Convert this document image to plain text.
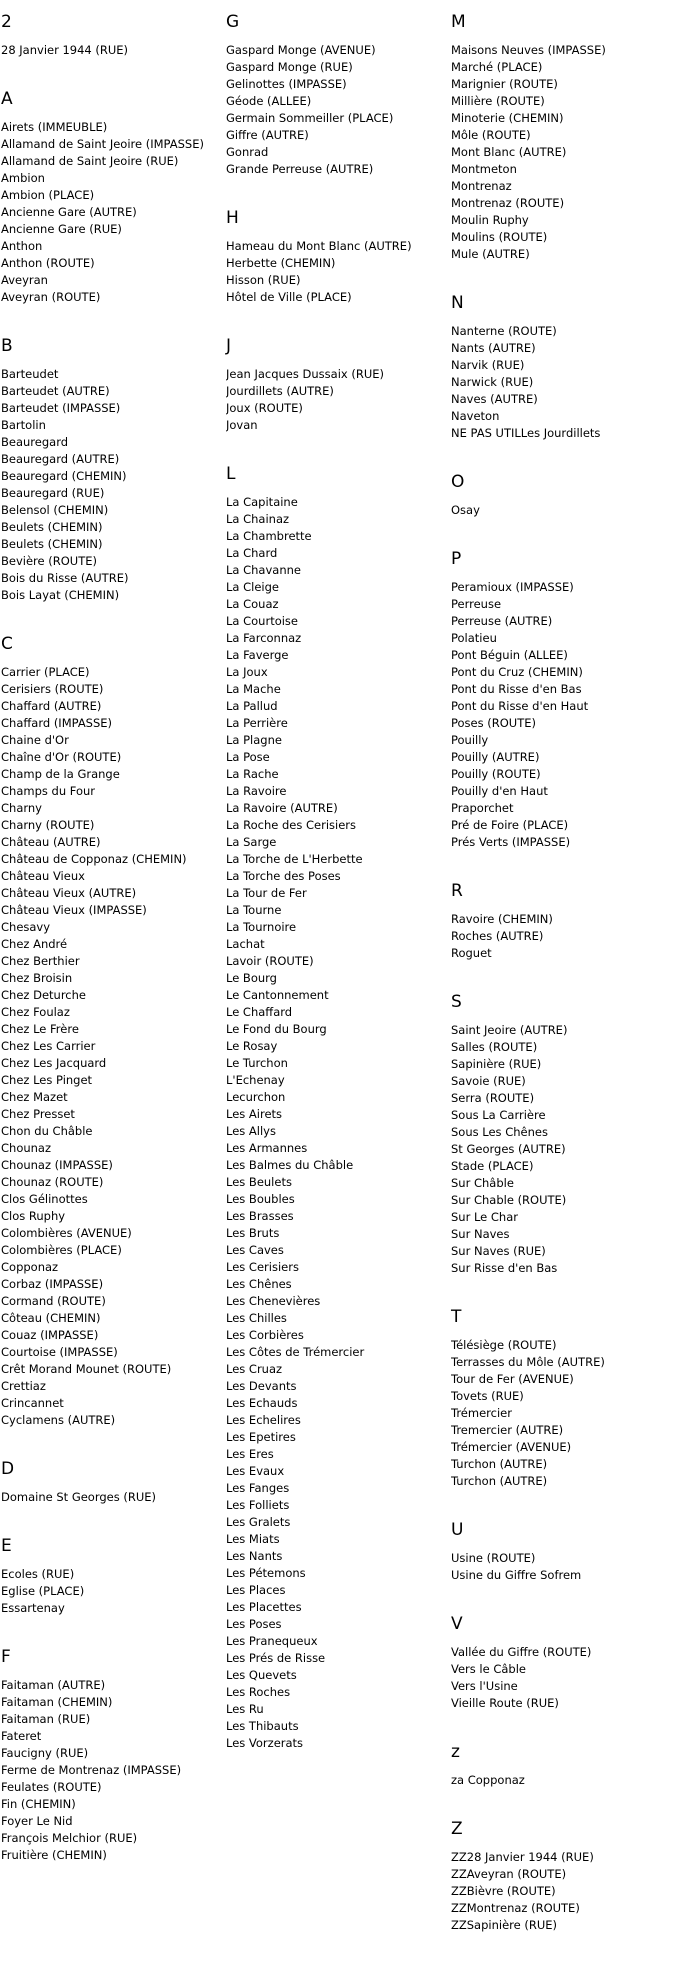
2
28 Janvier 1944 (RUE)
A
Airets (IMMEUBLE)
Allamand de Saint Jeoire (IMPASSE)
Allamand de Saint Jeoire (RUE)
Ambion
Ambion (PLACE)
Ancienne Gare (AUTRE)
Ancienne Gare (RUE)
Anthon
Anthon (ROUTE)
Aveyran
Aveyran (ROUTE)
B
Barteudet
Barteudet (AUTRE)
Barteudet (IMPASSE)
Bartolin
Beauregard
Beauregard (AUTRE)
Beauregard (CHEMIN)
Beauregard (RUE)
Belensol (CHEMIN)
Beulets (CHEMIN)
Beulets (CHEMIN)
Bevière (ROUTE)
Bois du Risse (AUTRE)
Bois Layat (CHEMIN)
C
Carrier (PLACE)
Cerisiers (ROUTE)
Chaffard (AUTRE)
Chaffard (IMPASSE)
Chaine d'Or
Chaîne d'Or (ROUTE)
Champ de la Grange
Champs du Four
Charny
Charny (ROUTE)
Château (AUTRE)
Château de Copponaz (CHEMIN)
Château Vieux
Château Vieux (AUTRE)
Château Vieux (IMPASSE)
Chesavy
Chez André
Chez Berthier
Chez Broisin
Chez Deturche
Chez Foulaz
Chez Le Frère
Chez Les Carrier
Chez Les Jacquard
Chez Les Pinget
Chez Mazet
Chez Presset
Chon du Châble
Chounaz
Chounaz (IMPASSE)
Chounaz (ROUTE)
Clos Gélinottes
Clos Ruphy
Colombières (AVENUE)
Colombières (PLACE)
Copponaz
Corbaz (IMPASSE)
Cormand (ROUTE)
Côteau (CHEMIN)
Couaz (IMPASSE)
Courtoise (IMPASSE)
Crêt Morand Mounet (ROUTE)
Crettiaz
Crincannet
Cyclamens (AUTRE)
D
Domaine St Georges (RUE)
E
Ecoles (RUE)
Eglise (PLACE)
Essartenay
F
Faitaman (AUTRE)
Faitaman (CHEMIN)
Faitaman (RUE)
Fateret
Faucigny (RUE)
Ferme de Montrenaz (IMPASSE)
Feulates (ROUTE)
Fin (CHEMIN)
Foyer Le Nid
François Melchior (RUE)
Fruitière (CHEMIN)
G
Gaspard Monge (AVENUE)
Gaspard Monge (RUE)
Gelinottes (IMPASSE)
Géode (ALLEE)
Germain Sommeiller (PLACE)
Giffre (AUTRE)
Gonrad
Grande Perreuse (AUTRE)
H
Hameau du Mont Blanc (AUTRE)
Herbette (CHEMIN)
Hisson (RUE)
Hôtel de Ville (PLACE)
J
Jean Jacques Dussaix (RUE)
Jourdillets (AUTRE)
Joux (ROUTE)
Jovan
L
La Capitaine
La Chainaz
La Chambrette
La Chard
La Chavanne
La Cleige
La Couaz
La Courtoise
La Farconnaz
La Faverge
La Joux
La Mache
La Pallud
La Perrière
La Plagne
La Pose
La Rache
La Ravoire
La Ravoire (AUTRE)
La Roche des Cerisiers
La Sarge
La Torche de L'Herbette
La Torche des Poses
La Tour de Fer
La Tourne
La Tournoire
Lachat
Lavoir (ROUTE)
Le Bourg
Le Cantonnement
Le Chaffard
Le Fond du Bourg
Le Rosay
Le Turchon
L'Echenay
Lecurchon
Les Airets
Les Allys
Les Armannes
Les Balmes du Châble
Les Beulets
Les Boubles
Les Brasses
Les Bruts
Les Caves
Les Cerisiers
Les Chênes
Les Chenevières
Les Chilles
Les Corbières
Les Côtes de Trémercier
Les Cruaz
Les Devants
Les Echauds
Les Echelires
Les Epetires
Les Eres
Les Evaux
Les Fanges
Les Folliets
Les Gralets
Les Miats
Les Nants
Les Pétemons
Les Places
Les Placettes
Les Poses
Les Pranequeux
Les Prés de Risse
Les Quevets
Les Roches
Les Ru
Les Thibauts
Les Vorzerats
M
Maisons Neuves (IMPASSE)
Marché (PLACE)
Marignier (ROUTE)
Millière (ROUTE)
Minoterie (CHEMIN)
Môle (ROUTE)
Mont Blanc (AUTRE)
Montmeton
Montrenaz
Montrenaz (ROUTE)
Moulin Ruphy
Moulins (ROUTE)
Mule (AUTRE)
N
Nanterne (ROUTE)
Nants (AUTRE)
Narvik (RUE)
Narwick (RUE)
Naves (AUTRE)
Naveton
NE PAS UTILLes Jourdillets
O
Osay
P
Peramioux (IMPASSE)
Perreuse
Perreuse (AUTRE)
Polatieu
Pont Béguin (ALLEE)
Pont du Cruz (CHEMIN)
Pont du Risse d'en Bas
Pont du Risse d'en Haut
Poses (ROUTE)
Pouilly
Pouilly (AUTRE)
Pouilly (ROUTE)
Pouilly d'en Haut
Praporchet
Pré de Foire (PLACE)
Prés Verts (IMPASSE)
R
Ravoire (CHEMIN)
Roches (AUTRE)
Roguet
S
Saint Jeoire (AUTRE)
Salles (ROUTE)
Sapinière (RUE)
Savoie (RUE)
Serra (ROUTE)
Sous La Carrière
Sous Les Chênes
St Georges (AUTRE)
Stade (PLACE)
Sur Châble
Sur Chable (ROUTE)
Sur Le Char
Sur Naves
Sur Naves (RUE)
Sur Risse d'en Bas
T
Télésiège (ROUTE)
Terrasses du Môle (AUTRE)
Tour de Fer (AVENUE)
Tovets (RUE)
Trémercier
Tremercier (AUTRE)
Trémercier (AVENUE)
Turchon (AUTRE)
Turchon (AUTRE)
U
Usine (ROUTE)
Usine du Giffre Sofrem
V
Vallée du Giffre (ROUTE)
Vers le Câble
Vers l'Usine
Vieille Route (RUE)
z
za Copponaz
Z
ZZ28 Janvier 1944 (RUE)
ZZAveyran (ROUTE)
ZZBièvre (ROUTE)
ZZMontrenaz (ROUTE)
ZZSapinière (RUE)
